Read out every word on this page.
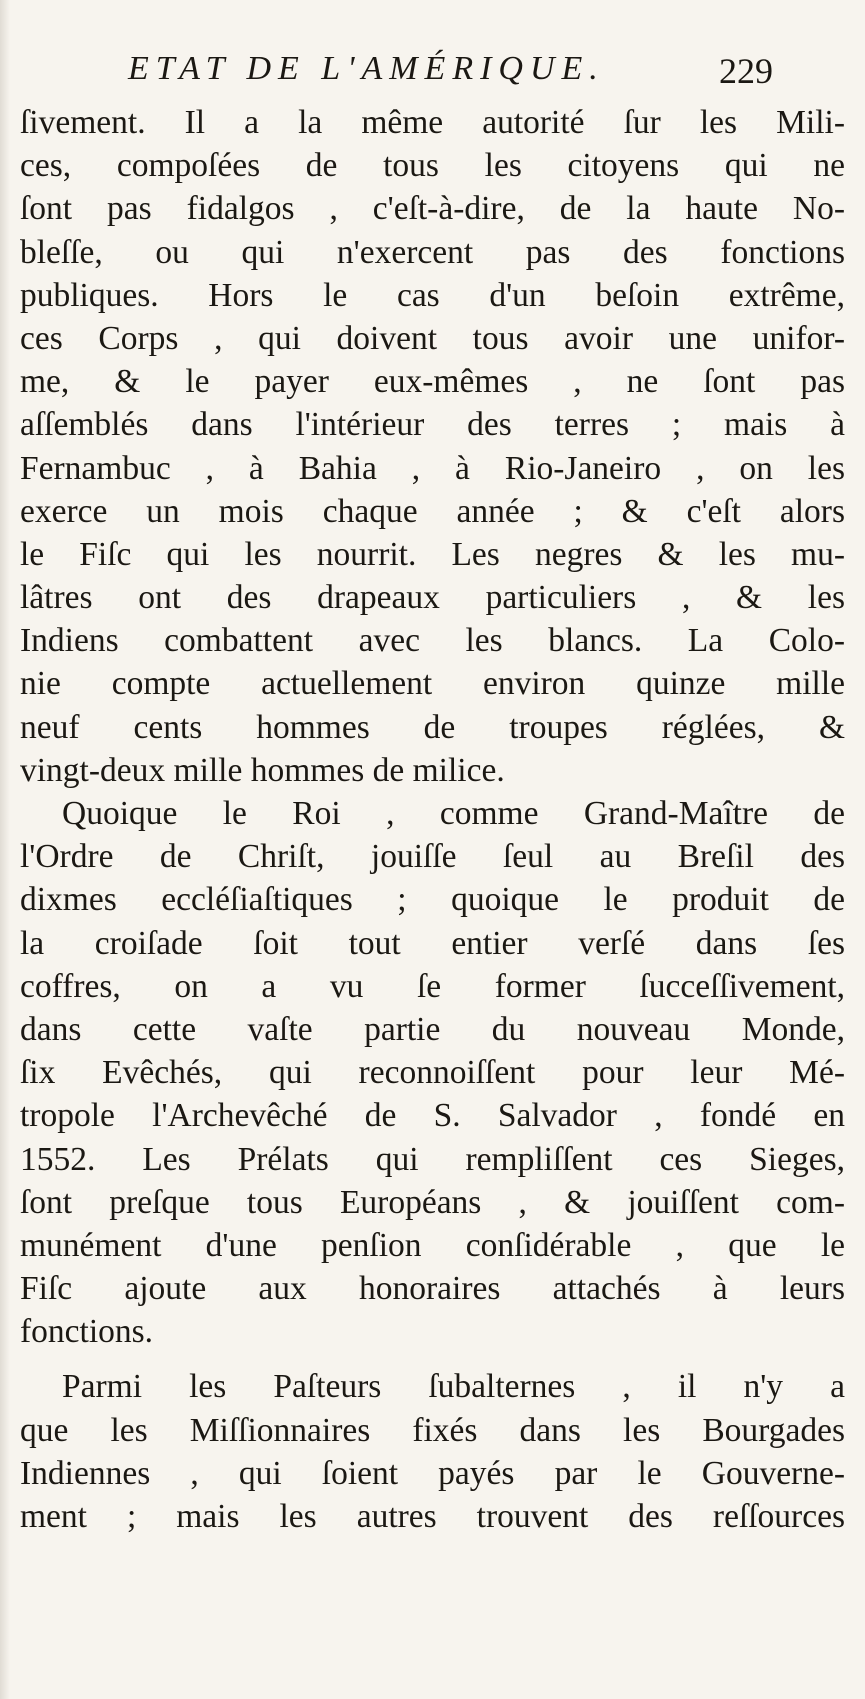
ETAT DE L'AMÉRIQUE.	229
ſivement. Il a la même autorité ſur les Mili-
ces, compoſées de tous les citoyens qui ne
ſont pas fidalgos , c'eſt-à-dire, de la haute No-
bleſſe, ou qui n'exercent pas des fonctions
publiques. Hors le cas d'un beſoin extrême,
ces Corps , qui doivent tous avoir une unifor-
me, & le payer eux-mêmes , ne ſont pas
aſſemblés dans l'intérieur des terres ; mais à
Fernambuc , à Bahia , à Rio-Janeiro , on les
exerce un mois chaque année ; & c'eſt alors
le Fiſc qui les nourrit. Les negres & les mu-
lâtres ont des drapeaux particuliers , & les
Indiens combattent avec les blancs. La Colo-
nie compte actuellement environ quinze mille
neuf cents hommes de troupes réglées, &
vingt-deux mille hommes de milice.
Quoique le Roi , comme Grand-Maître de
l'Ordre de Chriſt, jouiſſe ſeul au Breſil des
dixmes eccléſiaſtiques ; quoique le produit de
la croiſade ſoit tout entier verſé dans ſes
coffres, on a vu ſe former ſucceſſivement,
dans cette vaſte partie du nouveau Monde,
ſix Evêchés, qui reconnoiſſent pour leur Mé-
tropole l'Archevêché de S. Salvador , fondé en
1552. Les Prélats qui rempliſſent ces Sieges,
ſont preſque tous Européans , & jouiſſent com-
munément d'une penſion conſidérable , que le
Fiſc ajoute aux honoraires attachés à leurs
fonctions.
Parmi les Paſteurs ſubalternes , il n'y a
que les Miſſionnaires fixés dans les Bourgades
Indiennes , qui ſoient payés par le Gouverne-
ment ; mais les autres trouvent des reſſources
